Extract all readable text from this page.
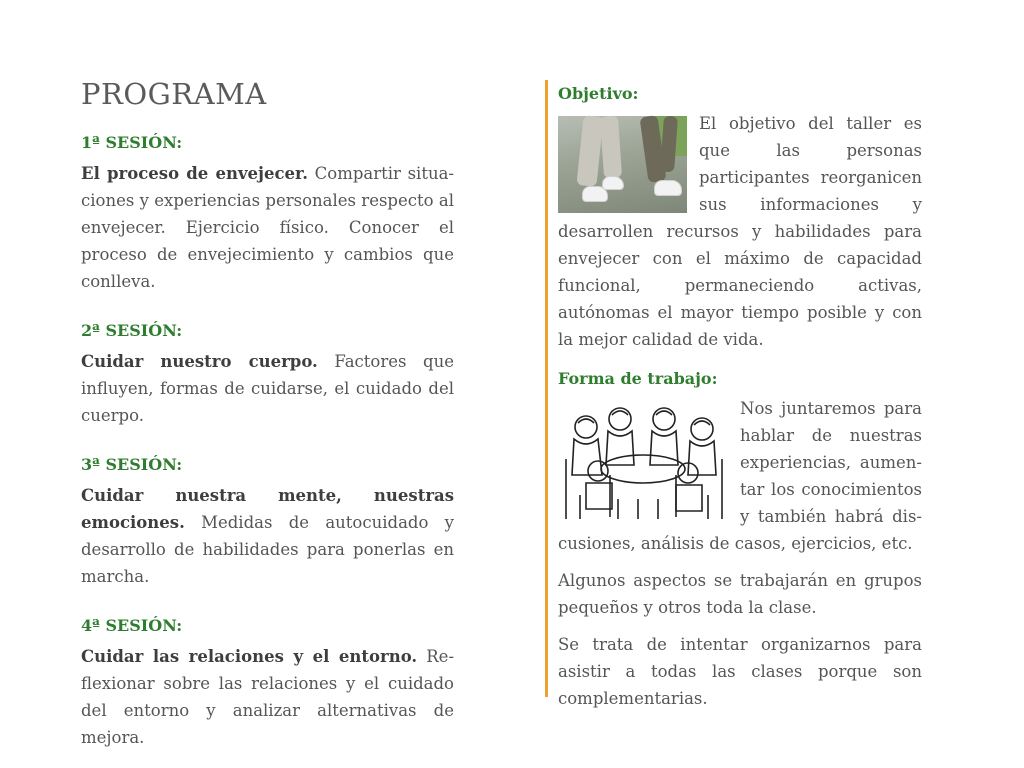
PROGRAMA
1ª SESIÓN:

El proceso de envejecer. Compartir situaciones y experiencias personales respecto al envejecer. Ejercicio físico. Conocer el proceso de envejecimiento y cambios que conlleva.

2ª SESIÓN:

Cuidar nuestro cuerpo. Factores que influyen, formas de cuidarse, el cuidado del cuerpo.

3ª SESIÓN:

Cuidar nuestra mente, nuestras emociones. Medidas de autocuidado y desarrollo de habilidades para ponerlas en marcha.

4ª SESIÓN:

Cuidar las relaciones y el entorno. Reflexionar sobre las relaciones y el cuidado del entorno y analizar alternativas de mejora.

Objetivo:

El objetivo del taller es que las personas participantes reorganicen sus informaciones y desarrollen recursos y habilidades para envejecer con el máximo de capacidad funcional, permaneciendo activas, autónomas el mayor tiempo posible y con la mejor calidad de vida.

Forma de trabajo:

Nos juntaremos para hablar de nuestras experiencias, aumentar los conocimientos y también habrá discusiones, análisis de casos, ejercicios, etc.

Algunos aspectos se trabajarán en grupos pequeños y otros toda la clase.

Se trata de intentar organizarnos para asistir a todas las clases porque son complementarias.
